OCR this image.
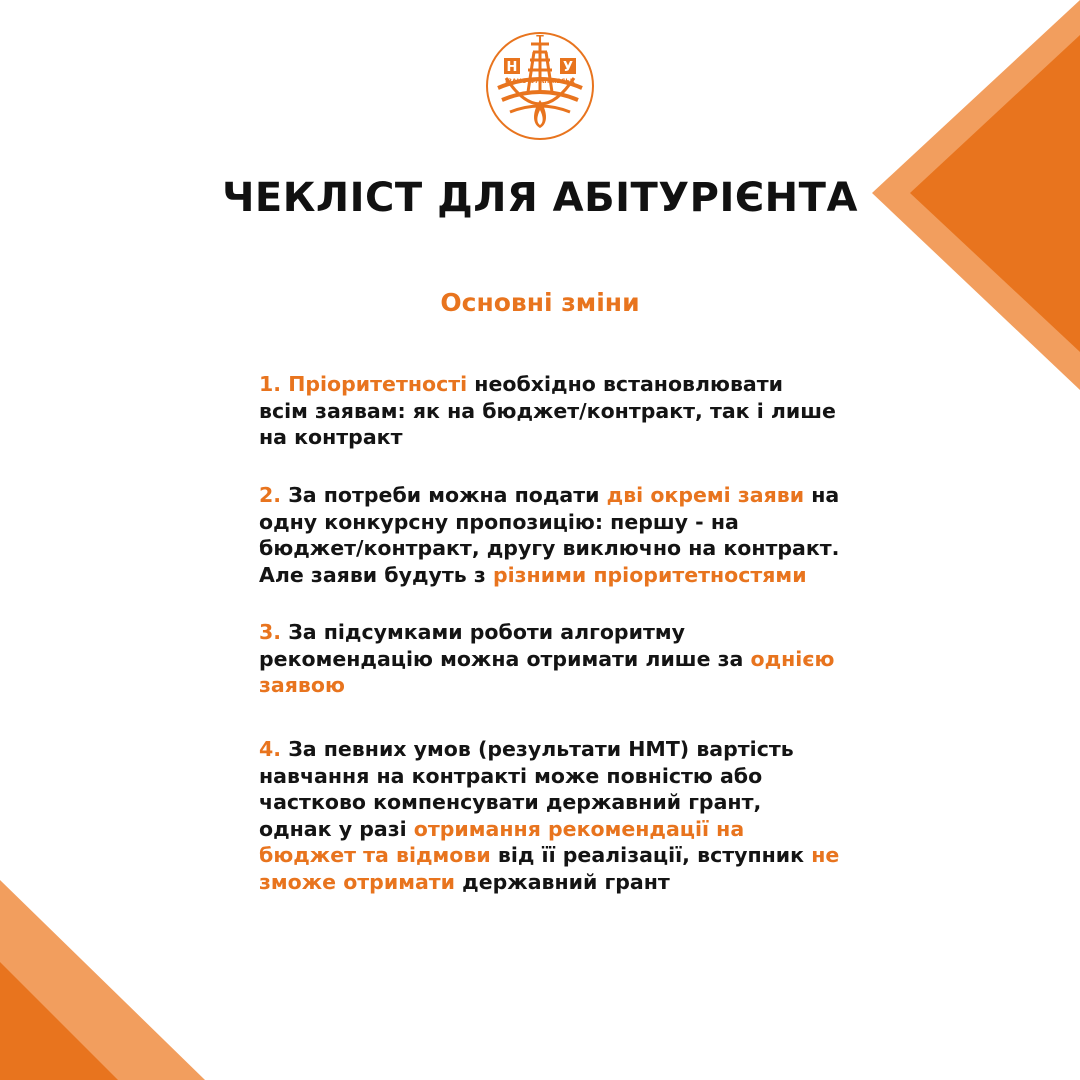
Н
Т
У
ІВАНО-ФРАНКІВСЬК
ЧЕКЛІСТ ДЛЯ АБІТУРІЄНТА
Основні зміни

1. Пріоритетності необхідно встановлювати
всім заявам: як на бюджет/контракт, так і лише
на контракт

2. За потреби можна подати дві окремі заяви на
одну конкурсну пропозицію: першу - на
бюджет/контракт, другу виключно на контракт.
Але заяви будуть з різними пріоритетностями

3. За підсумками роботи алгоритму
рекомендацію можна отримати лише за однією
заявою

4. За певних умов (результати НМТ) вартість
навчання на контракті може повністю або
частково компенсувати державний грант,
однак у разі отримання рекомендації на
бюджет та відмови від її реалізації, вступник не
зможе отримати державний грант
